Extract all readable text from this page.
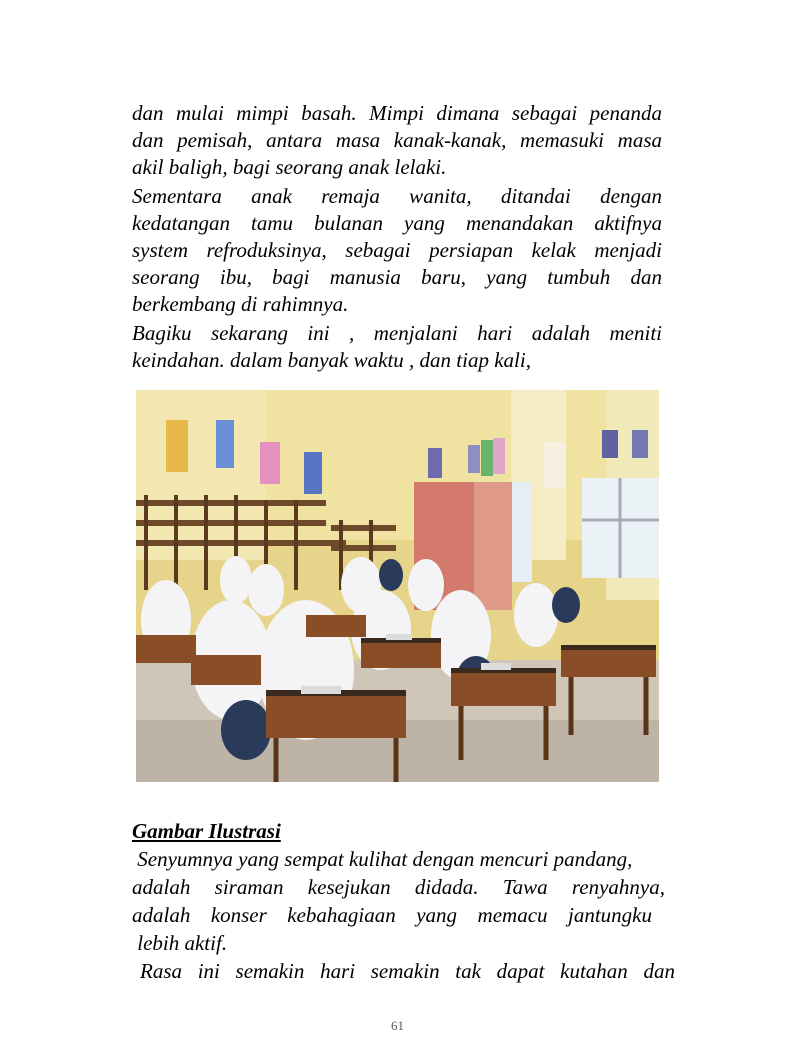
dan mulai mimpi basah. Mimpi dimana sebagai penanda
dan pemisah, antara masa kanak-kanak, memasuki masa
akil baligh, bagi seorang anak lelaki.
Sementara anak remaja wanita, ditandai dengan
kedatangan tamu bulanan yang menandakan aktifnya
system refroduksinya, sebagai persiapan kelak menjadi
seorang ibu, bagi manusia baru, yang tumbuh dan
berkembang di rahimnya.
Bagiku sekarang ini , menjalani hari adalah meniti
keindahan. dalam banyak waktu , dan tiap kali,
Gambar Ilustrasi
Senyumnya yang sempat kulihat dengan mencuri pandang,
adalah siraman kesejukan didada. Tawa renyahnya,
adalah konser kebahagiaan yang memacu jantungku
lebih aktif.
Rasa ini semakin hari semakin tak dapat kutahan dan
61
